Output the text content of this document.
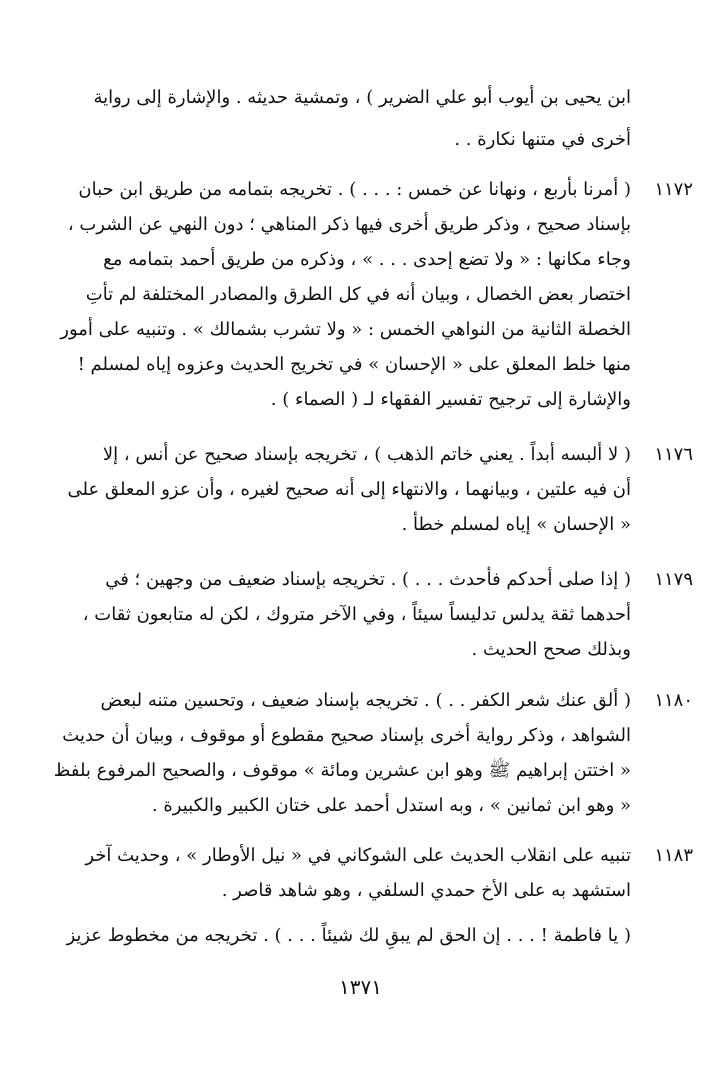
ابن يحيى بن أيوب أبو علي الضرير ) ، وتمشية حديثه . والإشارة إلى رواية
أخرى في متنها نكارة . .
١١٧٢
( أمرنا بأربع ، ونهانا عن خمس : . . . ) . تخريجه بتمامه من طريق ابن حبان
بإسناد صحيح ، وذكر طريق أخرى فيها ذكر المناهي ؛ دون النهي عن الشرب ،
وجاء مكانها : « ولا تضع إحدى . . . » ، وذكره من طريق أحمد بتمامه مع
اختصار بعض الخصال ، وبيان أنه في كل الطرق والمصادر المختلفة لم تأتِ
الخصلة الثانية من النواهي الخمس : « ولا تشرب بشمالك » . وتنبيه على أمور
منها خلط المعلق على « الإحسان » في تخريج الحديث وعزوه إياه لمسلم !
والإشارة إلى ترجيح تفسير الفقهاء لـ ( الصماء ) .
١١٧٦
( لا ألبسه أبداً . يعني خاتم الذهب ) ، تخريجه بإسناد صحيح عن أنس ، إلا
أن فيه علتين ، وبيانهما ، والانتهاء إلى أنه صحيح لغيره ، وأن عزو المعلق على
« الإحسان » إياه لمسلم خطأ .
١١٧٩
( إذا صلى أحدكم فأحدث . . . ) . تخريجه بإسناد ضعيف من وجهين ؛ في
أحدهما ثقة يدلس تدليساً سيئاً ، وفي الآخر متروك ، لكن له متابعون ثقات ،
وبذلك صحح الحديث .
١١٨٠
( ألق عنك شعر الكفر . . ) . تخريجه بإسناد ضعيف ، وتحسين متنه لبعض
الشواهد ، وذكر رواية أخرى بإسناد صحيح مقطوع أو موقوف ، وبيان أن حديث
« اختتن إبراهيم ﷺ وهو ابن عشرين ومائة » موقوف ، والصحيح المرفوع بلفظ
« وهو ابن ثمانين » ، وبه استدل أحمد على ختان الكبير والكبيرة .
١١٨٣
تنبيه على انقلاب الحديث على الشوكاني في « نيل الأوطار » ، وحديث آخر
استشهد به على الأخ حمدي السلفي ، وهو شاهد قاصر .
( يا فاطمة ! . . . إن الحق لم يبقِ لك شيئاً . . . ) . تخريجه من مخطوط عزيز
١٣٧١
